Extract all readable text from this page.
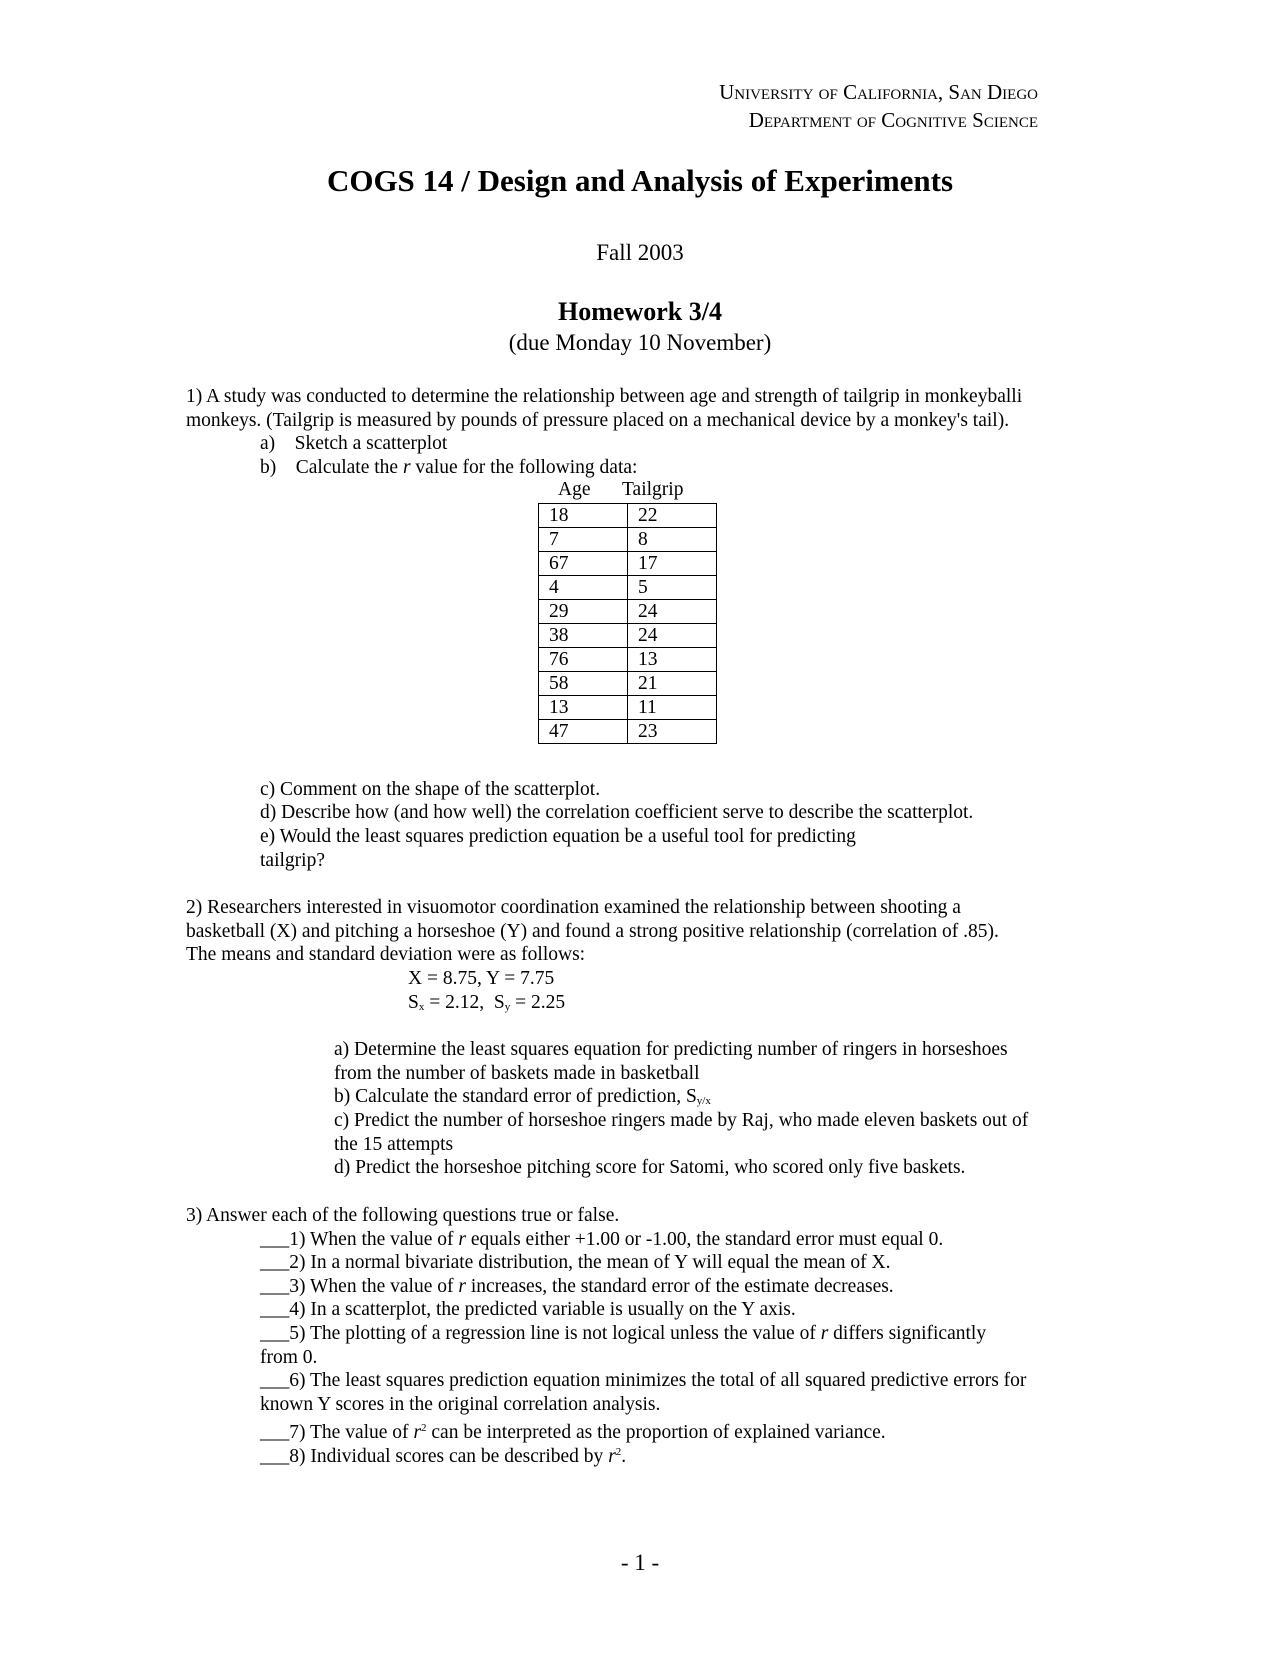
University of California, San Diego
Department of Cognitive Science
COGS 14 / Design and Analysis of Experiments
Fall 2003
Homework 3/4
(due Monday 10 November)
1) A study was conducted to determine the relationship between age and strength of tailgrip in monkeyballi
monkeys. (Tailgrip is measured by pounds of pressure placed on a mechanical device by a monkey's tail).
a)    Sketch a scatterplot
b)    Calculate the r value for the following data:
Age Tailgrip
18	22
7	8
67	17
4	5
29	24
38	24
76	13
58	21
13	11
47	23
c) Comment on the shape of the scatterplot.
d) Describe how (and how well) the correlation coefficient serve to describe the scatterplot.
e) Would the least squares prediction equation be a useful tool for predicting
tailgrip?
2) Researchers interested in visuomotor coordination examined the relationship between shooting a
basketball (X) and pitching a horseshoe (Y) and found a strong positive relationship (correlation of .85).
The means and standard deviation were as follows:
X = 8.75, Y = 7.75
$S_x = 2.12$,  $S_y = 2.25$
a) Determine the least squares equation for predicting number of ringers in horseshoes
from the number of baskets made in basketball
b) Calculate the standard error of prediction, $S_{y/x}$
c) Predict the number of horseshoe ringers made by Raj, who made eleven baskets out of
the 15 attempts
d) Predict the horseshoe pitching score for Satomi, who scored only five baskets.
3) Answer each of the following questions true or false.
___1) When the value of r equals either +1.00 or -1.00, the standard error must equal 0.
___2) In a normal bivariate distribution, the mean of Y will equal the mean of X.
___3) When the value of r increases, the standard error of the estimate decreases.
___4) In a scatterplot, the predicted variable is usually on the Y axis.
___5) The plotting of a regression line is not logical unless the value of r differs significantly
from 0.
___6) The least squares prediction equation minimizes the total of all squared predictive errors for
known Y scores in the original correlation analysis.
___7) The value of $r^2$ can be interpreted as the proportion of explained variance.
___8) Individual scores can be described by $r^2$.
- 1 -
